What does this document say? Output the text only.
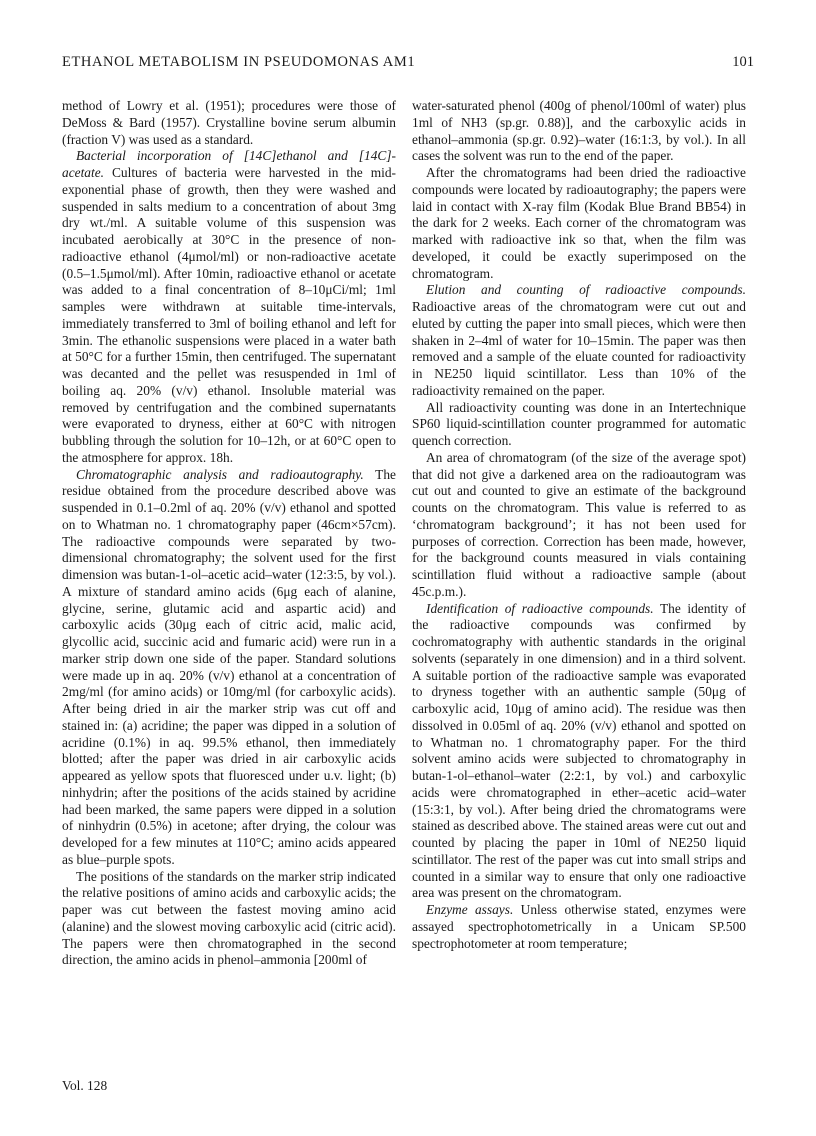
ETHANOL METABOLISM IN PSEUDOMONAS AM1	101

method of Lowry et al. (1951); procedures were those of DeMoss & Bard (1957). Crystalline bovine serum albumin (fraction V) was used as a standard.

Bacterial incorporation of [14C]ethanol and [14C]-acetate. Cultures of bacteria were harvested in the mid-exponential phase of growth, then they were washed and suspended in salts medium to a concentration of about 3mg dry wt./ml. A suitable volume of this suspension was incubated aerobically at 30°C in the presence of non-radioactive ethanol (4μmol/ml) or non-radioactive acetate (0.5–1.5μmol/ml). After 10min, radioactive ethanol or acetate was added to a final concentration of 8–10μCi/ml; 1ml samples were withdrawn at suitable time-intervals, immediately transferred to 3ml of boiling ethanol and left for 3min. The ethanolic suspensions were placed in a water bath at 50°C for a further 15min, then centrifuged. The supernatant was decanted and the pellet was resuspended in 1ml of boiling aq. 20% (v/v) ethanol. Insoluble material was removed by centrifugation and the combined supernatants were evaporated to dryness, either at 60°C with nitrogen bubbling through the solution for 10–12h, or at 60°C open to the atmosphere for approx. 18h.

Chromatographic analysis and radioautography. The residue obtained from the procedure described above was suspended in 0.1–0.2ml of aq. 20% (v/v) ethanol and spotted on to Whatman no. 1 chromatography paper (46cm×57cm). The radioactive compounds were separated by two-dimensional chromatography; the solvent used for the first dimension was butan-1-ol–acetic acid–water (12:3:5, by vol.). A mixture of standard amino acids (6μg each of alanine, glycine, serine, glutamic acid and aspartic acid) and carboxylic acids (30μg each of citric acid, malic acid, glycollic acid, succinic acid and fumaric acid) were run in a marker strip down one side of the paper. Standard solutions were made up in aq. 20% (v/v) ethanol at a concentration of 2mg/ml (for amino acids) or 10mg/ml (for carboxylic acids). After being dried in air the marker strip was cut off and stained in: (a) acridine; the paper was dipped in a solution of acridine (0.1%) in aq. 99.5% ethanol, then immediately blotted; after the paper was dried in air carboxylic acids appeared as yellow spots that fluoresced under u.v. light; (b) ninhydrin; after the positions of the acids stained by acridine had been marked, the same papers were dipped in a solution of ninhydrin (0.5%) in acetone; after drying, the colour was developed for a few minutes at 110°C; amino acids appeared as blue–purple spots.

The positions of the standards on the marker strip indicated the relative positions of amino acids and carboxylic acids; the paper was cut between the fastest moving amino acid (alanine) and the slowest moving carboxylic acid (citric acid). The papers were then chromatographed in the second direction, the amino acids in phenol–ammonia [200ml of

water-saturated phenol (400g of phenol/100ml of water) plus 1ml of NH3 (sp.gr. 0.88)], and the carboxylic acids in ethanol–ammonia (sp.gr. 0.92)–water (16:1:3, by vol.). In all cases the solvent was run to the end of the paper.

After the chromatograms had been dried the radioactive compounds were located by radioautography; the papers were laid in contact with X-ray film (Kodak Blue Brand BB54) in the dark for 2 weeks. Each corner of the chromatogram was marked with radioactive ink so that, when the film was developed, it could be exactly superimposed on the chromatogram.

Elution and counting of radioactive compounds. Radioactive areas of the chromatogram were cut out and eluted by cutting the paper into small pieces, which were then shaken in 2–4ml of water for 10–15min. The paper was then removed and a sample of the eluate counted for radioactivity in NE250 liquid scintillator. Less than 10% of the radioactivity remained on the paper.

All radioactivity counting was done in an Intertechnique SP60 liquid-scintillation counter programmed for automatic quench correction.

An area of chromatogram (of the size of the average spot) that did not give a darkened area on the radioautogram was cut out and counted to give an estimate of the background counts on the chromatogram. This value is referred to as ‘chromatogram background’; it has not been used for purposes of correction. Correction has been made, however, for the background counts measured in vials containing scintillation fluid without a radioactive sample (about 45c.p.m.).

Identification of radioactive compounds. The identity of the radioactive compounds was confirmed by cochromatography with authentic standards in the original solvents (separately in one dimension) and in a third solvent. A suitable portion of the radioactive sample was evaporated to dryness together with an authentic sample (50μg of carboxylic acid, 10μg of amino acid). The residue was then dissolved in 0.05ml of aq. 20% (v/v) ethanol and spotted on to Whatman no. 1 chromatography paper. For the third solvent amino acids were subjected to chromatography in butan-1-ol–ethanol–water (2:2:1, by vol.) and carboxylic acids were chromatographed in ether–acetic acid–water (15:3:1, by vol.). After being dried the chromatograms were stained as described above. The stained areas were cut out and counted by placing the paper in 10ml of NE250 liquid scintillator. The rest of the paper was cut into small strips and counted in a similar way to ensure that only one radioactive area was present on the chromatogram.

Enzyme assays. Unless otherwise stated, enzymes were assayed spectrophotometrically in a Unicam SP.500 spectrophotometer at room temperature;

Vol. 128
